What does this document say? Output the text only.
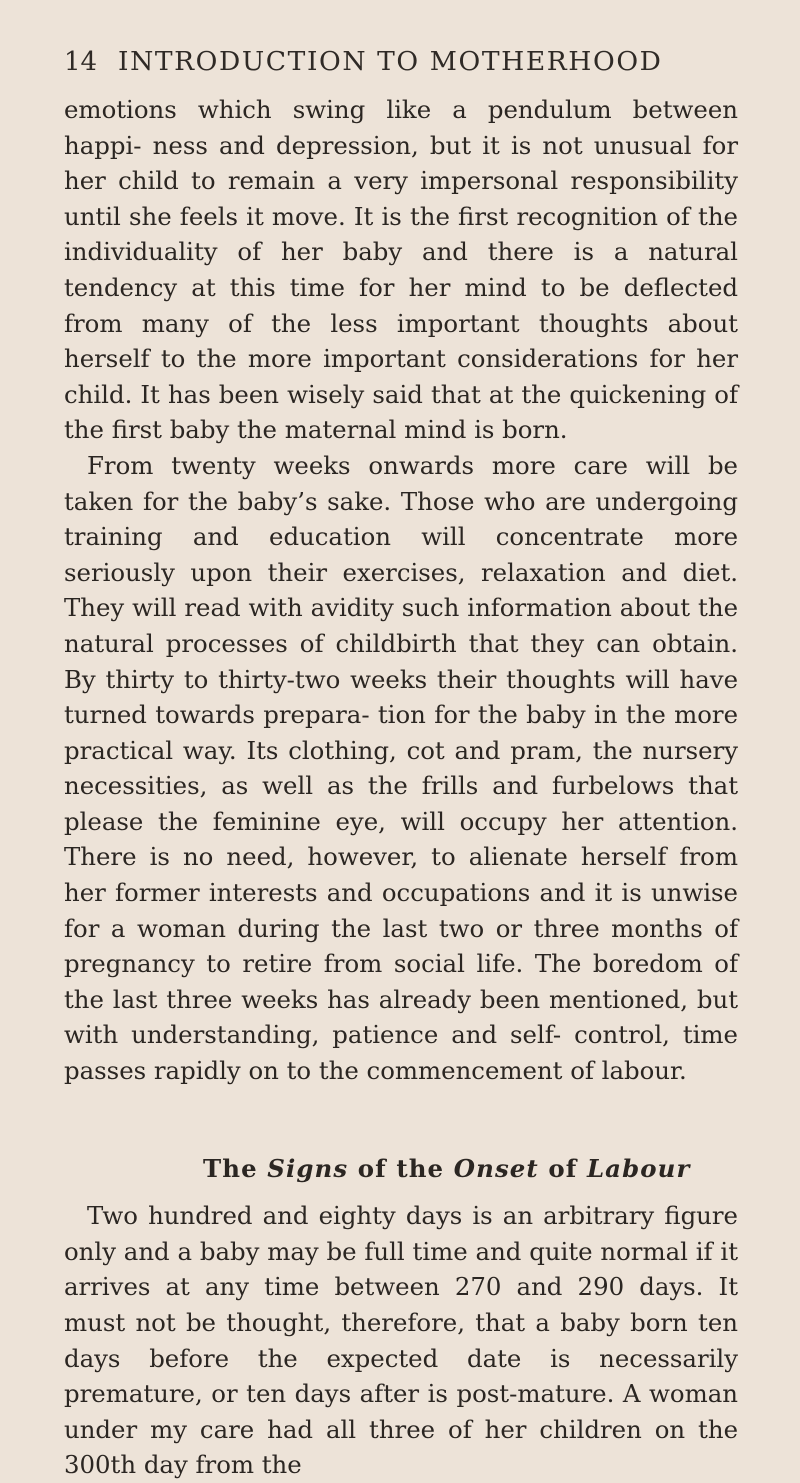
14 INTRODUCTION TO MOTHERHOOD

emotions which swing like a pendulum between happi- ness and depression, but it is not unusual for her child to remain a very impersonal responsibility until she feels it move. It is the first recognition of the individuality of her baby and there is a natural tendency at this time for her mind to be deflected from many of the less important thoughts about herself to the more important considerations for her child. It has been wisely said that at the quickening of the first baby the maternal mind is born.

From twenty weeks onwards more care will be taken for the baby’s sake. Those who are undergoing training and education will concentrate more seriously upon their exercises, relaxation and diet. They will read with avidity such information about the natural processes of childbirth that they can obtain. By thirty to thirty-two weeks their thoughts will have turned towards prepara- tion for the baby in the more practical way. Its clothing, cot and pram, the nursery necessities, as well as the frills and furbelows that please the feminine eye, will occupy her attention. There is no need, however, to alienate herself from her former interests and occupations and it is unwise for a woman during the last two or three months of pregnancy to retire from social life. The boredom of the last three weeks has already been mentioned, but with understanding, patience and self- control, time passes rapidly on to the commencement of labour.

The Signs of the Onset of Labour

Two hundred and eighty days is an arbitrary figure only and a baby may be full time and quite normal if it arrives at any time between 270 and 290 days. It must not be thought, therefore, that a baby born ten days before the expected date is necessarily premature, or ten days after is post-mature. A woman under my care had all three of her children on the 300th day from the
